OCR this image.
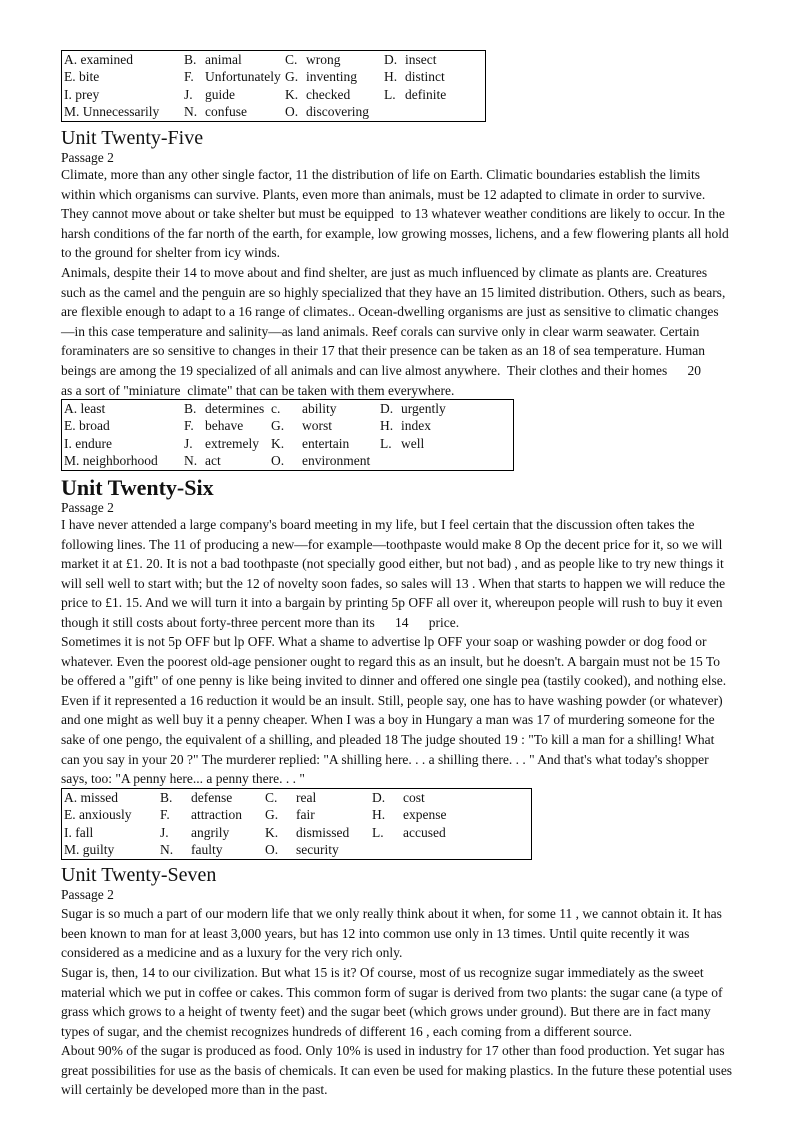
A. examined	B.	animal	C.	wrong	D.	insect
E. bite	F.	Unfortunately	G.	inventing	H.	distinct
I. prey	J.	guide	K.	checked	L.	definite
M. Unnecessarily	N.	confuse	O.	discovering		
Unit Twenty-Five
Passage 2
Climate, more than any other single factor, 11 the distribution of life on Earth. Climatic boundaries establish the limits
within which organisms can survive. Plants, even more than animals, must be 12 adapted to climate in order to survive.
They cannot move about or take shelter but must be equipped  to 13 whatever weather conditions are likely to occur. In the
harsh conditions of the far north of the earth, for example, low growing mosses, lichens, and a few flowering plants all hold
to the ground for shelter from icy winds.
Animals, despite their 14 to move about and find shelter, are just as much influenced by climate as plants are. Creatures
such as the camel and the penguin are so highly specialized that they have an 15 limited distribution. Others, such as bears,
are flexible enough to adapt to a 16 range of climates.. Ocean-dwelling organisms are just as sensitive to climatic changes
—in this case temperature and salinity—as land animals. Reef corals can survive only in clear warm seawater. Certain
foraminaters are so sensitive to changes in their 17 that their presence can be taken as an 18 of sea temperature. Human
beings are among the 19 specialized of all animals and can live almost anywhere.  Their clothes and their homes      20
as a sort of "miniature  climate" that can be taken with them everywhere.
A. least	B.	determines	c.	ability	D.	urgently
E. broad	F.	behave	G.	worst	H.	index
I. endure	J.	extremely	K.	entertain	L.	well
M. neighborhood	N.	act	O.	environment		
Unit Twenty-Six
Passage 2
I have never attended a large company's board meeting in my life, but I feel certain that the discussion often takes the
following lines. The 11 of producing a new—for example—toothpaste would make 8 Op the decent price for it, so we will
market it at £1. 20. It is not a bad toothpaste (not specially good either, but not bad) , and as people like to try new things it
will sell well to start with; but the 12 of novelty soon fades, so sales will 13 . When that starts to happen we will reduce the
price to £1. 15. And we will turn it into a bargain by printing 5p OFF all over it, whereupon people will rush to buy it even
though it still costs about forty-three percent more than its      14      price.
Sometimes it is not 5p OFF but lp OFF. What a shame to advertise lp OFF your soap or washing powder or dog food or
whatever. Even the poorest old-age pensioner ought to regard this as an insult, but he doesn't. A bargain must not be 15 To
be offered a "gift" of one penny is like being invited to dinner and offered one single pea (tastily cooked), and nothing else.
Even if it represented a 16 reduction it would be an insult. Still, people say, one has to have washing powder (or whatever)
and one might as well buy it a penny cheaper. When I was a boy in Hungary a man was 17 of murdering someone for the
sake of one pengo, the equivalent of a shilling, and pleaded 18 The judge shouted 19 : "To kill a man for a shilling! What
can you say in your 20 ?" The murderer replied: "A shilling here. . . a shilling there. . . " And that's what today's shopper
says, too: "A penny here... a penny there. . . "
A. missed	B.	defense	C.	real	D.	cost
E. anxiously	F.	attraction	G.	fair	H.	expense
I. fall	J.	angrily	K.	dismissed	L.	accused
M. guilty	N.	faulty	O.	security		
Unit Twenty-Seven
Passage 2
Sugar is so much a part of our modern life that we only really think about it when, for some 11 , we cannot obtain it. It has
been known to man for at least 3,000 years, but has 12 into common use only in 13 times. Until quite recently it was
considered as a medicine and as a luxury for the very rich only.
Sugar is, then, 14 to our civilization. But what 15 is it? Of course, most of us recognize sugar immediately as the sweet
material which we put in coffee or cakes. This common form of sugar is derived from two plants: the sugar cane (a type of
grass which grows to a height of twenty feet) and the sugar beet (which grows under ground). But there are in fact many
types of sugar, and the chemist recognizes hundreds of different 16 , each coming from a different source.
About 90% of the sugar is produced as food. Only 10% is used in industry for 17 other than food production. Yet sugar has
great possibilities for use as the basis of chemicals. It can even be used for making plastics. In the future these potential uses
will certainly be developed more than in the past.
